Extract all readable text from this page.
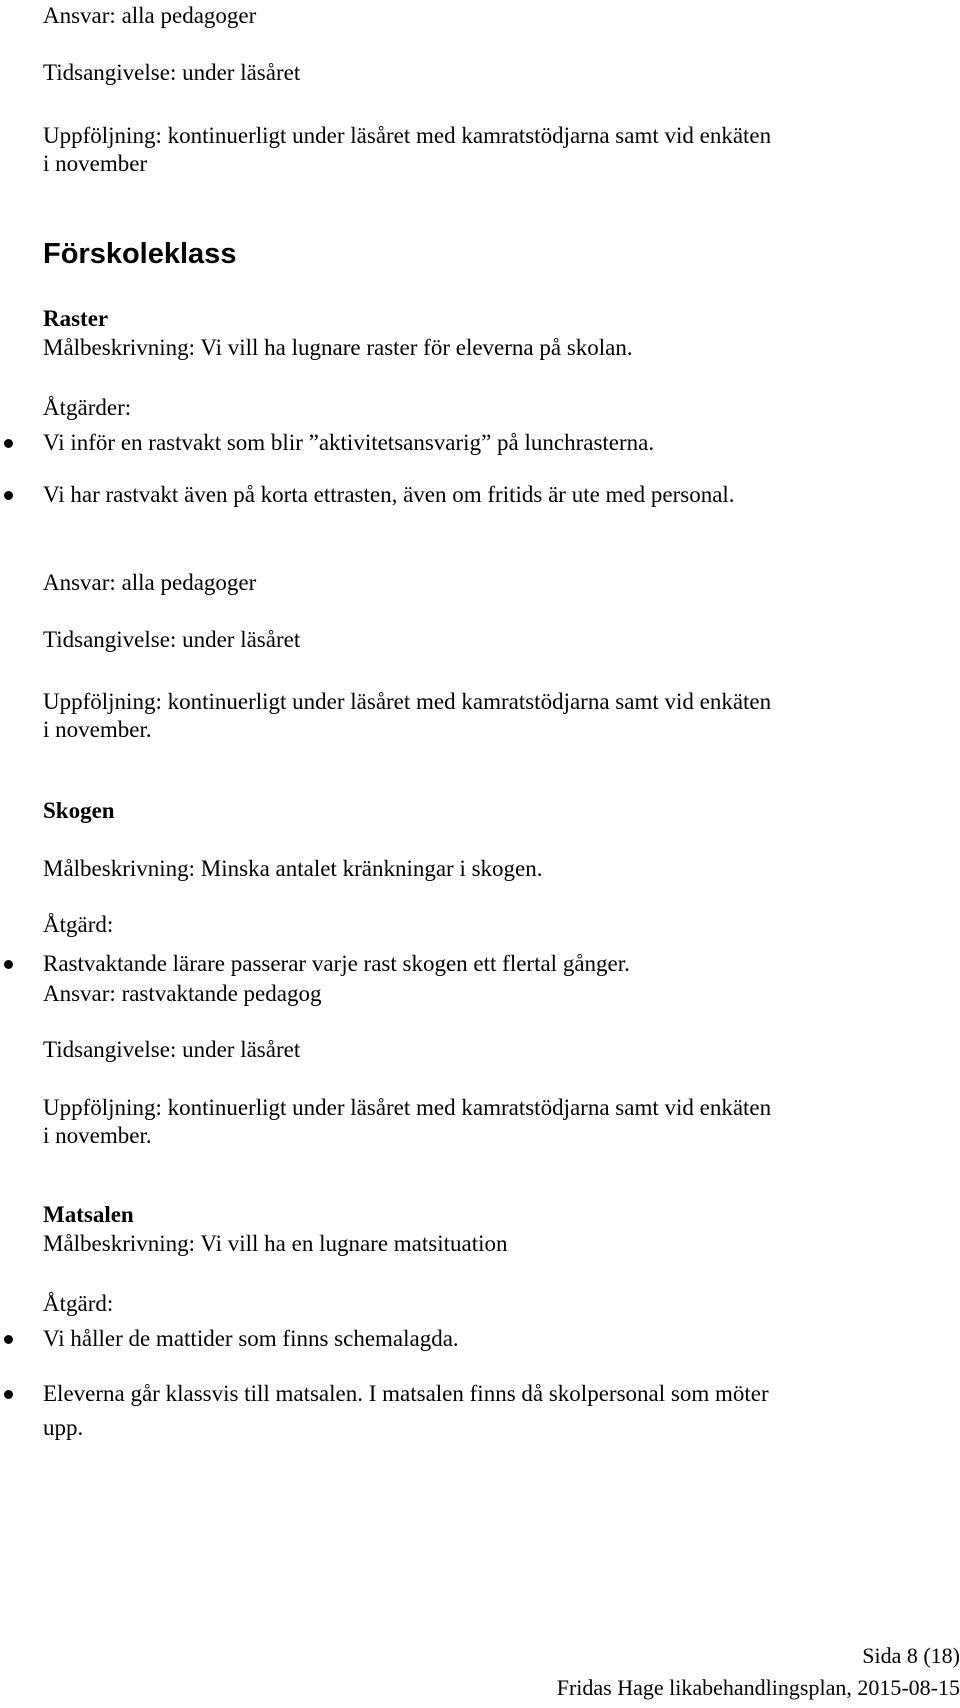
Ansvar: alla pedagoger
Tidsangivelse: under läsåret
Uppföljning: kontinuerligt under läsåret med kamratstödjarna samt vid enkäten
i november
Förskoleklass
Raster
Målbeskrivning: Vi vill ha lugnare raster för eleverna på skolan.
Åtgärder:
Vi inför en rastvakt som blir ”aktivitetsansvarig” på lunchrasterna.
Vi har rastvakt även på korta ettrasten, även om fritids är ute med personal.
Ansvar: alla pedagoger
Tidsangivelse: under läsåret
Uppföljning: kontinuerligt under läsåret med kamratstödjarna samt vid enkäten
i november.
Skogen
Målbeskrivning: Minska antalet kränkningar i skogen.
Åtgärd:
Rastvaktande lärare passerar varje rast skogen ett flertal gånger.
Ansvar: rastvaktande pedagog
Tidsangivelse: under läsåret
Uppföljning: kontinuerligt under läsåret med kamratstödjarna samt vid enkäten
i november.
Matsalen
Målbeskrivning: Vi vill ha en lugnare matsituation
Åtgärd:
Vi håller de mattider som finns schemalagda.
Eleverna går klassvis till matsalen. I matsalen finns då skolpersonal som möter
upp.
Sida 8 (18)
Fridas Hage likabehandlingsplan, 2015-08-15
